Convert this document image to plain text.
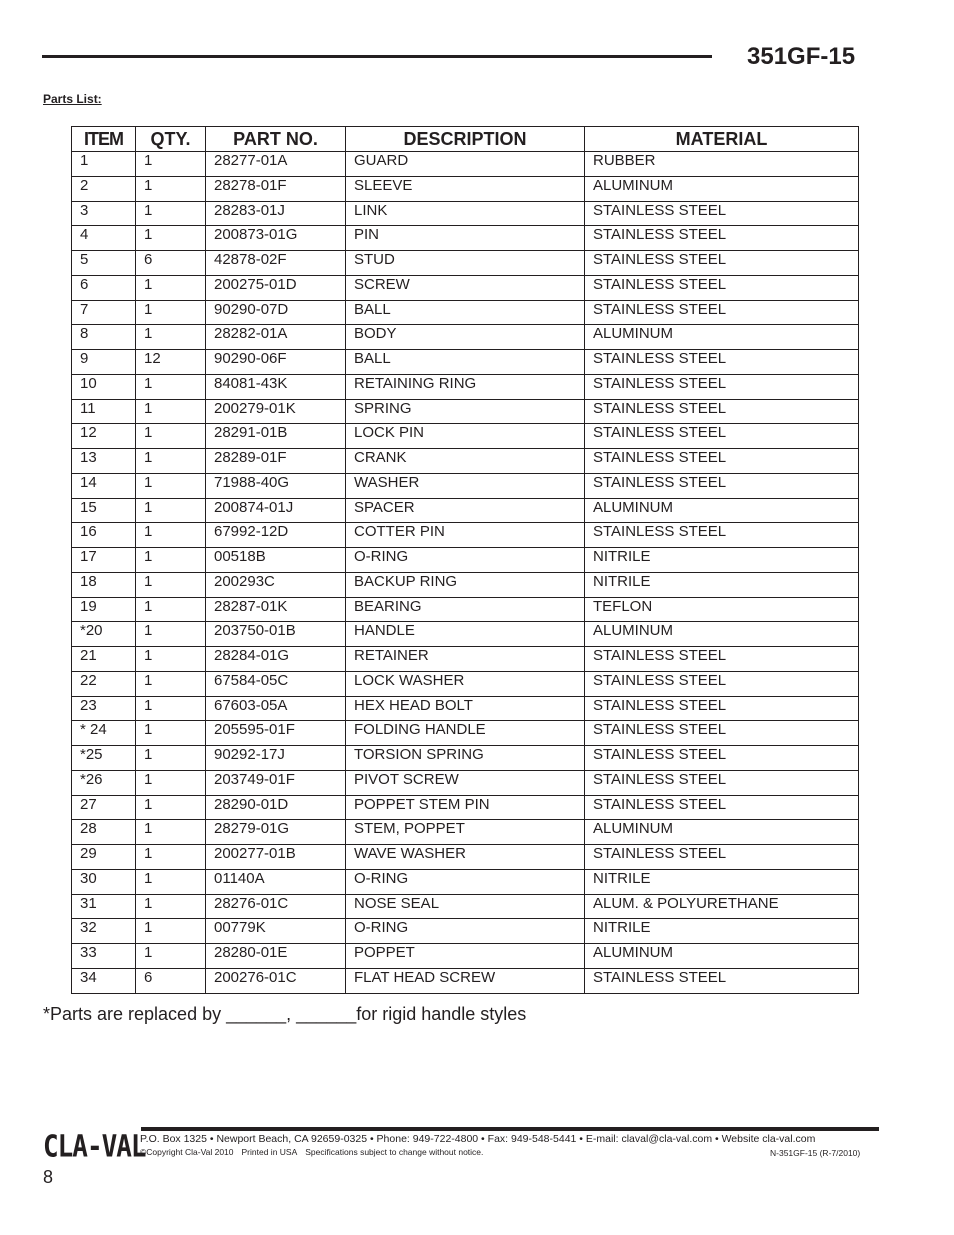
351GF-15
Parts List:
ITEM	QTY.	PART NO.	DESCRIPTION	MATERIAL
1	1	28277-01A	GUARD	RUBBER
2	1	28278-01F	SLEEVE	ALUMINUM
3	1	28283-01J	LINK	STAINLESS STEEL
4	1	200873-01G	PIN	STAINLESS STEEL
5	6	42878-02F	STUD	STAINLESS STEEL
6	1	200275-01D	SCREW	STAINLESS STEEL
7	1	90290-07D	BALL	STAINLESS STEEL
8	1	28282-01A	BODY	ALUMINUM
9	12	90290-06F	BALL	STAINLESS STEEL
10	1	84081-43K	RETAINING RING	STAINLESS STEEL
11	1	200279-01K	SPRING	STAINLESS STEEL
12	1	28291-01B	LOCK PIN	STAINLESS STEEL
13	1	28289-01F	CRANK	STAINLESS STEEL
14	1	71988-40G	WASHER	STAINLESS STEEL
15	1	200874-01J	SPACER	ALUMINUM
16	1	67992-12D	COTTER PIN	STAINLESS STEEL
17	1	00518B	O-RING	NITRILE
18	1	200293C	BACKUP RING	NITRILE
19	1	28287-01K	BEARING	TEFLON
*20	1	203750-01B	HANDLE	ALUMINUM
21	1	28284-01G	RETAINER	STAINLESS STEEL
22	1	67584-05C	LOCK WASHER	STAINLESS STEEL
23	1	67603-05A	HEX HEAD BOLT	STAINLESS STEEL
* 24	1	205595-01F	FOLDING HANDLE	STAINLESS STEEL
*25	1	90292-17J	TORSION SPRING	STAINLESS STEEL
*26	1	203749-01F	PIVOT SCREW	STAINLESS STEEL
27	1	28290-01D	POPPET STEM PIN	STAINLESS STEEL
28	1	28279-01G	STEM, POPPET	ALUMINUM
29	1	200277-01B	WAVE WASHER	STAINLESS STEEL
30	1	01140A	O-RING	NITRILE
31	1	28276-01C	NOSE SEAL	ALUM. & POLYURETHANE
32	1	00779K	O-RING	NITRILE
33	1	28280-01E	POPPET	ALUMINUM
34	6	200276-01C	FLAT HEAD SCREW	STAINLESS STEEL
*Parts are replaced by ______, ______for rigid handle styles
CLA-VAL
P.O. Box 1325 • Newport Beach, CA 92659-0325 • Phone: 949-722-4800 • Fax: 949-548-5441 • E-mail: claval@cla-val.com • Website cla-val.com
©Copyright Cla-Val 2010 Printed in USA Specifications subject to change without notice.	N-351GF-15 (R-7/2010)
8
